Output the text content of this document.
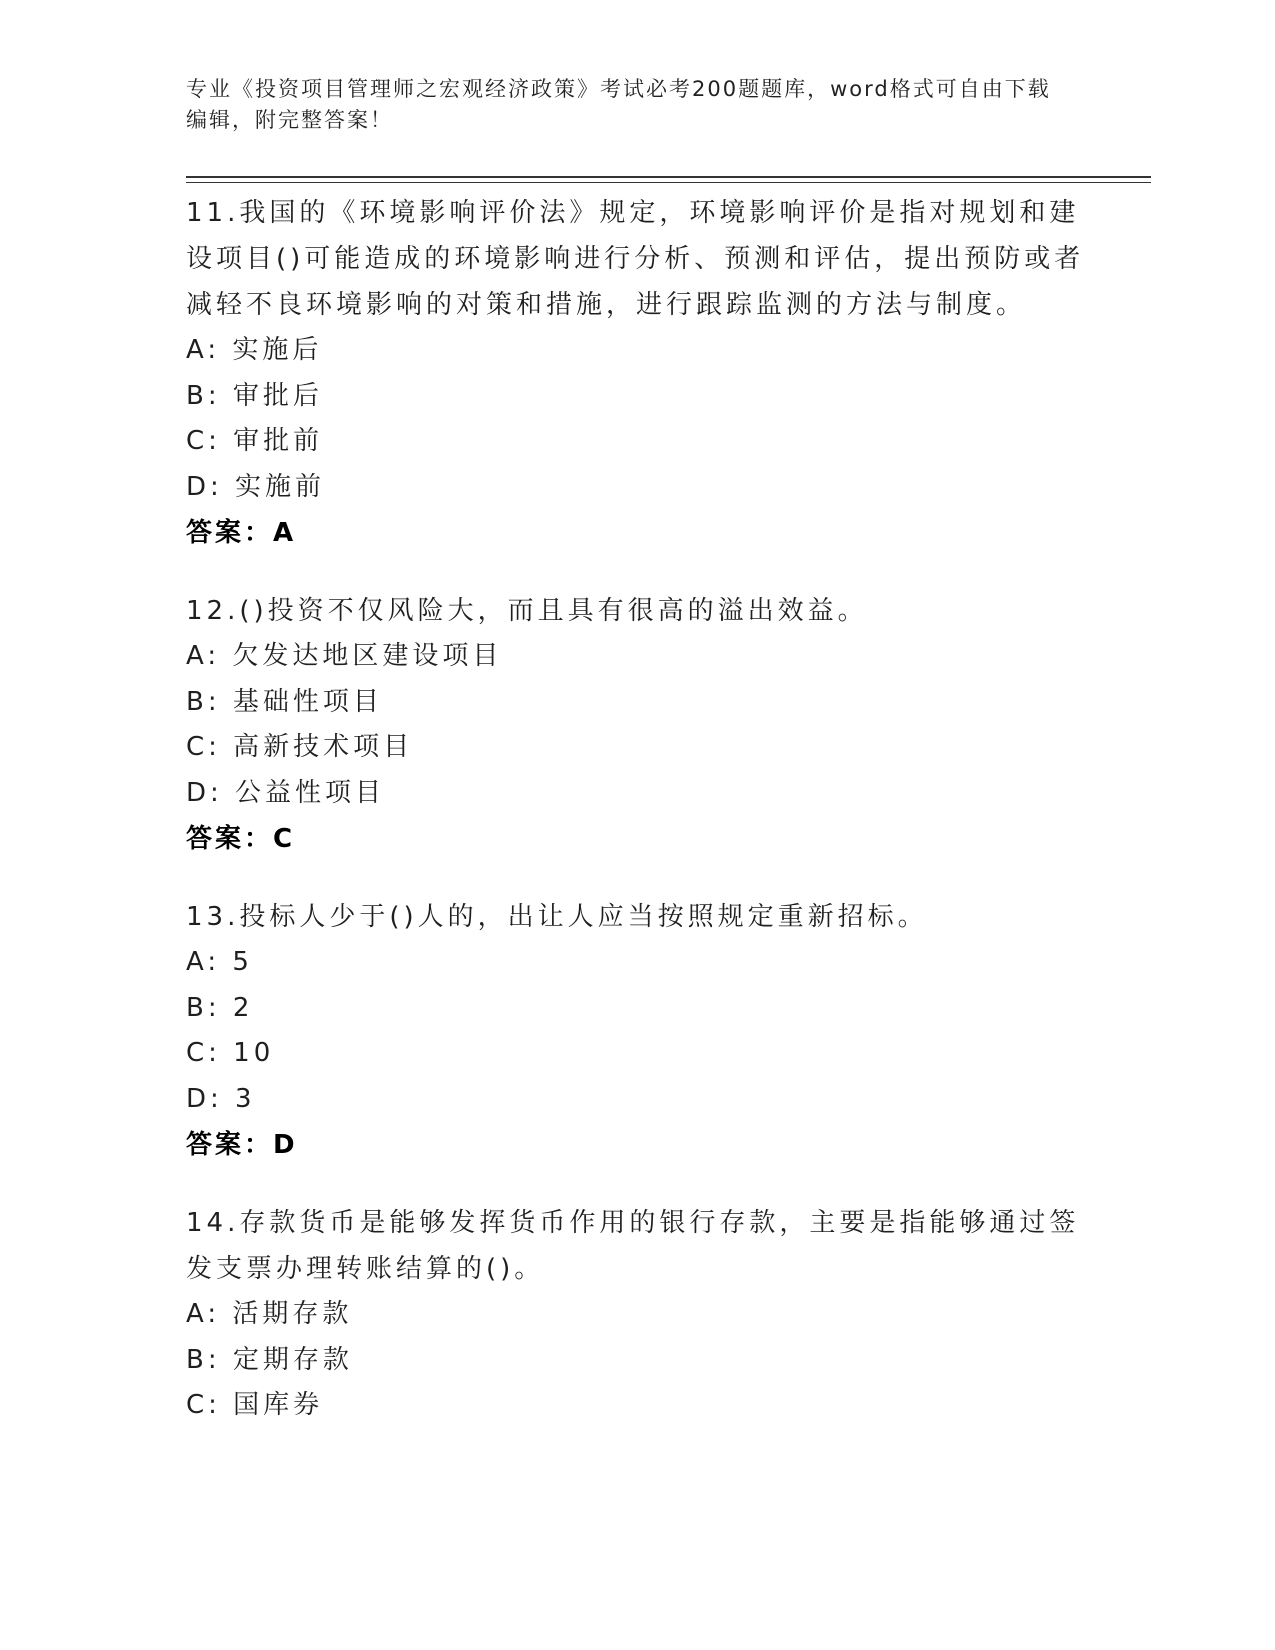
专业《投资项目管理师之宏观经济政策》考试必考200题题库，word格式可自由下载编辑，附完整答案！
11.我国的《环境影响评价法》规定，环境影响评价是指对规划和建设项目()可能造成的环境影响进行分析、预测和评估，提出预防或者减轻不良环境影响的对策和措施，进行跟踪监测的方法与制度。
A: 实施后
B: 审批后
C: 审批前
D: 实施前
答案：A
12.()投资不仅风险大，而且具有很高的溢出效益。
A: 欠发达地区建设项目
B: 基础性项目
C: 高新技术项目
D: 公益性项目
答案：C
13.投标人少于()人的，出让人应当按照规定重新招标。
A: 5
B: 2
C: 10
D: 3
答案：D
14.存款货币是能够发挥货币作用的银行存款，主要是指能够通过签发支票办理转账结算的()。
A: 活期存款
B: 定期存款
C: 国库券
